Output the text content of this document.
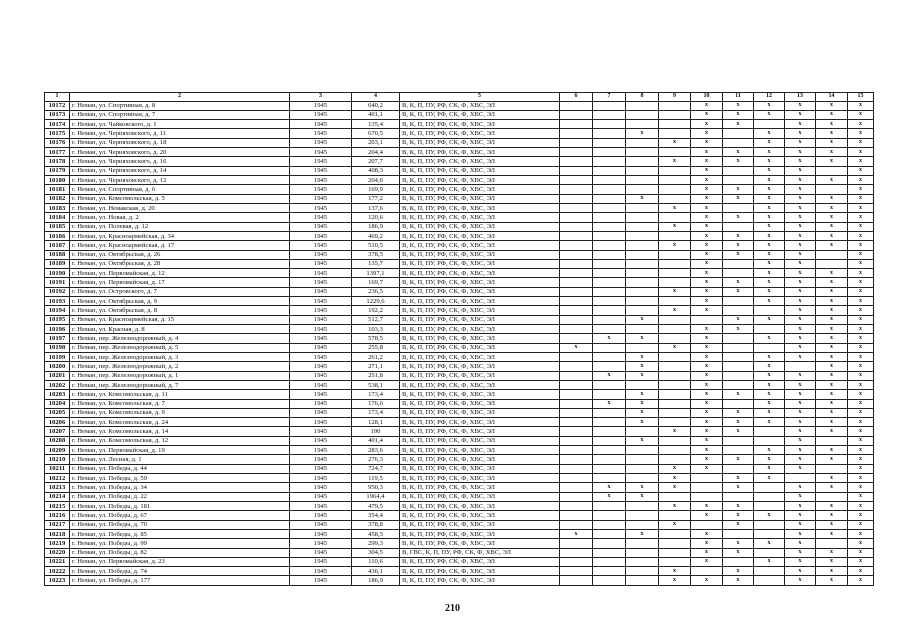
1	2	3	4	5	6	7	8	9	10	11	12	13	14	15
10172	г. Неман, ул. Спортивная, д. 8	1945	640,2	В, К, П, ПУ, РФ, СК, Ф, ХВС, ЭЛ					x	x	x	x	x	x
10173	г. Неман, ул. Спортивная, д. 7	1945	401,1	В, К, П, ПУ, РФ, СК, Ф, ХВС, ЭЛ					x	x	x	x	x	x
10174	г. Неман, ул. Чайковского, д. 1	1945	135,4	В, К, П, ПУ, РФ, СК, Ф, ХВС, ЭЛ					x	x		x	x	x
10175	г. Неман, ул. Черняховского, д. 11	1945	670,5	В, К, П, ПУ, РФ, СК, Ф, ХВС, ЭЛ			x		x		x	x	x	x
10176	г. Неман, ул. Черняховского, д. 18	1945	203,1	В, К, П, ПУ, РФ, СК, Ф, ХВС, ЭЛ				x	x		x	x	x	x
10177	г. Неман, ул. Черняховского, д. 20	1945	204,4	В, К, П, ПУ, РФ, СК, Ф, ХВС, ЭЛ					x	x	x	x	x	x
10178	г. Неман, ул. Черняховского, д. 16	1945	207,7	В, К, П, ПУ, РФ, СК, Ф, ХВС, ЭЛ				x	x	x	x	x	x	x
10179	г. Неман, ул. Черняховского, д. 14	1945	408,3	В, К, П, ПУ, РФ, СК, Ф, ХВС, ЭЛ					x		x	x		x
10180	г. Неман, ул. Черняховского, д. 12	1945	204,6	В, К, П, ПУ, РФ, СК, Ф, ХВС, ЭЛ					x		x	x	x	x
10181	г. Неман, ул. Спортивная, д. 6	1945	169,9	В, К, П, ПУ, РФ, СК, Ф, ХВС, ЭЛ					x	x	x	x		x
10182	г. Неман, ул. Комсомольская, д. 5	1945	177,2	В, К, П, ПУ, РФ, СК, Ф, ХВС, ЭЛ			x		x	x	x	x	x	x
10183	г. Неман, ул. Немакская, д. 20	1945	137,6	В, К, П, ПУ, РФ, СК, Ф, ХВС, ЭЛ				x	x		x	x	x	x
10184	г. Неман, ул. Новая, д. 2	1945	120,6	В, К, П, ПУ, РФ, СК, Ф, ХВС, ЭЛ					x	x	x	x	x	x
10185	г. Неман, ул. Полевая, д. 12	1945	186,9	В, К, П, ПУ, РФ, СК, Ф, ХВС, ЭЛ				x	x		x	x	x	x
10186	г. Неман, ул. Красноармейская, д. 34	1945	469,2	В, К, П, ПУ, РФ, СК, Ф, ХВС, ЭЛ					x	x	x	x	x	x
10187	г. Неман, ул. Красноармейская, д. 17	1945	510,5	В, К, П, ПУ, РФ, СК, Ф, ХВС, ЭЛ				x	x	x	x	x	x	x
10188	г. Неман, ул. Октябрьская, д. 26	1945	378,5	В, К, П, ПУ, РФ, СК, Ф, ХВС, ЭЛ					x	x	x	x		x
10189	г. Неман, ул. Октябрьская, д. 28	1945	135,7	В, К, П, ПУ, РФ, СК, Ф, ХВС, ЭЛ					x		x	x		x
10190	г. Неман, ул. Первомайская, д. 12	1945	1397,1	В, К, П, ПУ, РФ, СК, Ф, ХВС, ЭЛ					x		x	x	x	x
10191	г. Неман, ул. Первомайская, д. 17	1945	169,7	В, К, П, ПУ, РФ, СК, Ф, ХВС, ЭЛ					x	x	x	x	x	x
10192	г. Неман, ул. Островского, д. 7	1945	236,5	В, К, П, ПУ, РФ, СК, Ф, ХВС, ЭЛ				x	x	x	x	x	x	x
10193	г. Неман, ул. Октябрьская, д. 9	1945	1229,6	В, К, П, ПУ, РФ, СК, Ф, ХВС, ЭЛ					x		x	x	x	x
10194	г. Неман, ул. Октябрьская, д. 8	1945	192,2	В, К, П, ПУ, РФ, СК, Ф, ХВС, ЭЛ				x	x			x	x	x
10195	г. Неман, ул. Красноармейская, д. 15	1945	512,7	В, К, П, ПУ, РФ, СК, Ф, ХВС, ЭЛ			x			x	x	x	x	x
10196	г. Неман, ул. Красная, д. 8	1945	103,3	В, К, П, ПУ, РФ, СК, Ф, ХВС, ЭЛ					x	x		x	x	x
10197	г. Неман, пер. Железнодорожный, д. 4	1945	578,5	В, К, П, ПУ, РФ, СК, Ф, ХВС, ЭЛ		x	x		x		x	x	x	x
10198	г. Неман, пер. Железнодорожный, д. 5	1945	255,8	В, К, П, ПУ, РФ, СК, Ф, ХВС, ЭЛ	x			x	x			x	x	x
10199	г. Неман, пер. Железнодорожный, д. 3	1945	261,2	В, К, П, ПУ, РФ, СК, Ф, ХВС, ЭЛ			x		x		x	x	x	x
10200	г. Неман, пер. Железнодорожный, д. 2	1945	271,1	В, К, П, ПУ, РФ, СК, Ф, ХВС, ЭЛ			x		x		x		x	x
10201	г. Неман, пер. Железнодорожный, д. 1	1945	251,8	В, К, П, ПУ, РФ, СК, Ф, ХВС, ЭЛ		x	x		x		x	x	x	x
10202	г. Неман, пер. Железнодорожный, д. 7	1945	538,1	В, К, П, ПУ, РФ, СК, Ф, ХВС, ЭЛ					x		x	x	x	x
10203	г. Неман, ул. Комсомольская, д. 11	1945	173,4	В, К, П, ПУ, РФ, СК, Ф, ХВС, ЭЛ			x		x	x	x	x	x	x
10204	г. Неман, ул. Комсомольская, д. 7	1945	176,6	В, К, П, ПУ, РФ, СК, Ф, ХВС, ЭЛ		x	x		x		x	x	x	x
10205	г. Неман, ул. Комсомольская, д. 9	1945	173,4	В, К, П, ПУ, РФ, СК, Ф, ХВС, ЭЛ			x		x	x	x	x	x	x
10206	г. Неман, ул. Комсомольская, д. 24	1945	128,1	В, К, П, ПУ, РФ, СК, Ф, ХВС, ЭЛ			x		x	x	x	x	x	x
10207	г. Неман, ул. Комсомольская, д. 14	1945	190	В, К, П, ПУ, РФ, СК, Ф, ХВС, ЭЛ				x	x	x		x	x	x
10208	г. Неман, ул. Комсомольская, д. 12	1945	401,4	В, К, П, ПУ, РФ, СК, Ф, ХВС, ЭЛ			x		x			x		x
10209	г. Неман, ул. Первомайская, д. 19	1945	283,6	В, К, П, ПУ, РФ, СК, Ф, ХВС, ЭЛ					x		x	x	x	x
10210	г. Неман, ул. Лесная, д. 1	1945	276,3	В, К, П, ПУ, РФ, СК, Ф, ХВС, ЭЛ					x	x	x	x	x	x
10211	г. Неман, ул. Победы, д. 44	1945	724,7	В, К, П, ПУ, РФ, СК, Ф, ХВС, ЭЛ				x	x		x	x		x
10212	г. Неман, ул. Победы, д. 59	1945	119,5	В, К, П, ПУ, РФ, СК, Ф, ХВС, ЭЛ				x		x	x		x	x
10213	г. Неман, ул. Победы, д. 34	1945	950,3	В, К, П, ПУ, РФ, СК, Ф, ХВС, ЭЛ		x	x	x		x		x	x	x
10214	г. Неман, ул. Победы, д. 22	1945	1964,4	В, К, П, ПУ, РФ, СК, Ф, ХВС, ЭЛ		x	x					x		x
10215	г. Неман, ул. Победы, д. 181	1945	479,5	В, К, П, ПУ, РФ, СК, Ф, ХВС, ЭЛ				x	x	x		x	x	x
10216	г. Неман, ул. Победы, д. 67	1945	354,4	В, К, П, ПУ, РФ, СК, Ф, ХВС, ЭЛ					x	x	x	x	x	x
10217	г. Неман, ул. Победы, д. 70	1945	378,8	В, К, П, ПУ, РФ, СК, Ф, ХВС, ЭЛ				x		x		x	x	x
10218	г. Неман, ул. Победы, д. 85	1945	458,5	В, К, П, ПУ, РФ, СК, Ф, ХВС, ЭЛ	x		x		x			x	x	x
10219	г. Неман, ул. Победы, д. 99	1945	299,3	В, К, П, ПУ, РФ, СК, Ф, ХВС, ЭЛ					x	x	x	x		x
10220	г. Неман, ул. Победы, д. 82	1945	304,5	В, ГВС, К, П, ПУ, РФ, СК, Ф, ХВС, ЭЛ					x	x		x	x	x
10221	г. Неман, ул. Первомайская, д. 23	1945	110,6	В, К, П, ПУ, РФ, СК, Ф, ХВС, ЭЛ					x		x	x	x	x
10222	г. Неман, ул. Победы, д. 74	1945	436,1	В, К, П, ПУ, РФ, СК, Ф, ХВС, ЭЛ				x		x		x	x	x
10223	г. Неман, ул. Победы, д. 177	1945	186,9	В, К, П, ПУ, РФ, СК, Ф, ХВС, ЭЛ				x	x	x		x	x	x
210
